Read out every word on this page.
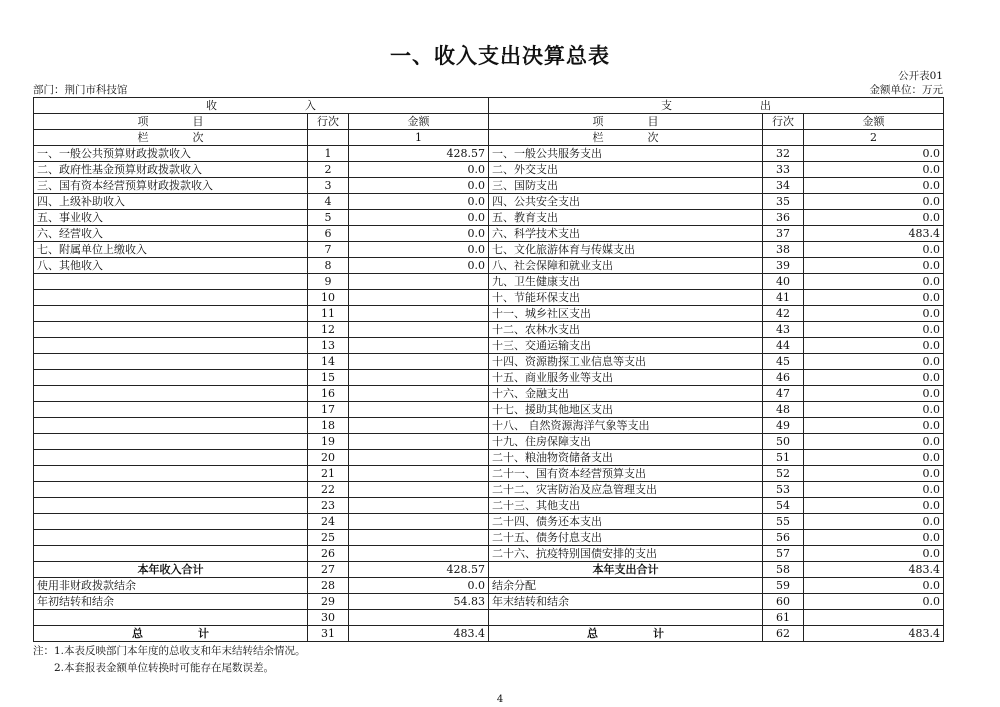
一、收入支出决算总表
公开表01
部门：荆门市科技馆	金额单位：万元
收　　　　　　　　入			支　　　　　　　　出		
项　　　　目	行次	金额	项　　　　目	行次	金额
栏　　　　次		1	栏　　　　次		2
一、一般公共预算财政拨款收入	1	428.57	一、一般公共服务支出	32	0.0
二、政府性基金预算财政拨款收入	2	0.0	二、外交支出	33	0.0
三、国有资本经营预算财政拨款收入	3	0.0	三、国防支出	34	0.0
四、上级补助收入	4	0.0	四、公共安全支出	35	0.0
五、事业收入	5	0.0	五、教育支出	36	0.0
六、经营收入	6	0.0	六、科学技术支出	37	483.4
七、附属单位上缴收入	7	0.0	七、文化旅游体育与传媒支出	38	0.0
八、其他收入	8	0.0	八、社会保障和就业支出	39	0.0
	9		九、卫生健康支出	40	0.0
	10		十、节能环保支出	41	0.0
	11		十一、城乡社区支出	42	0.0
	12		十二、农林水支出	43	0.0
	13		十三、交通运输支出	44	0.0
	14		十四、资源勘探工业信息等支出	45	0.0
	15		十五、商业服务业等支出	46	0.0
	16		十六、金融支出	47	0.0
	17		十七、援助其他地区支出	48	0.0
	18		十八、 自然资源海洋气象等支出	49	0.0
	19		十九、住房保障支出	50	0.0
	20		二十、粮油物资储备支出	51	0.0
	21		二十一、国有资本经营预算支出	52	0.0
	22		二十二、灾害防治及应急管理支出	53	0.0
	23		二十三、其他支出	54	0.0
	24		二十四、债务还本支出	55	0.0
	25		二十五、债务付息支出	56	0.0
	26		二十六、抗疫特别国债安排的支出	57	0.0
本年收入合计	27	428.57	本年支出合计	58	483.4
使用非财政拨款结余	28	0.0	结余分配	59	0.0
年初结转和结余	29	54.83	年末结转和结余	60	0.0
	30			61	
总　　　　　计	31	483.4	总　　　　　计	62	483.4
注：1.本表反映部门本年度的总收支和年末结转结余情况。
　　2.本套报表金额单位转换时可能存在尾数误差。
4
